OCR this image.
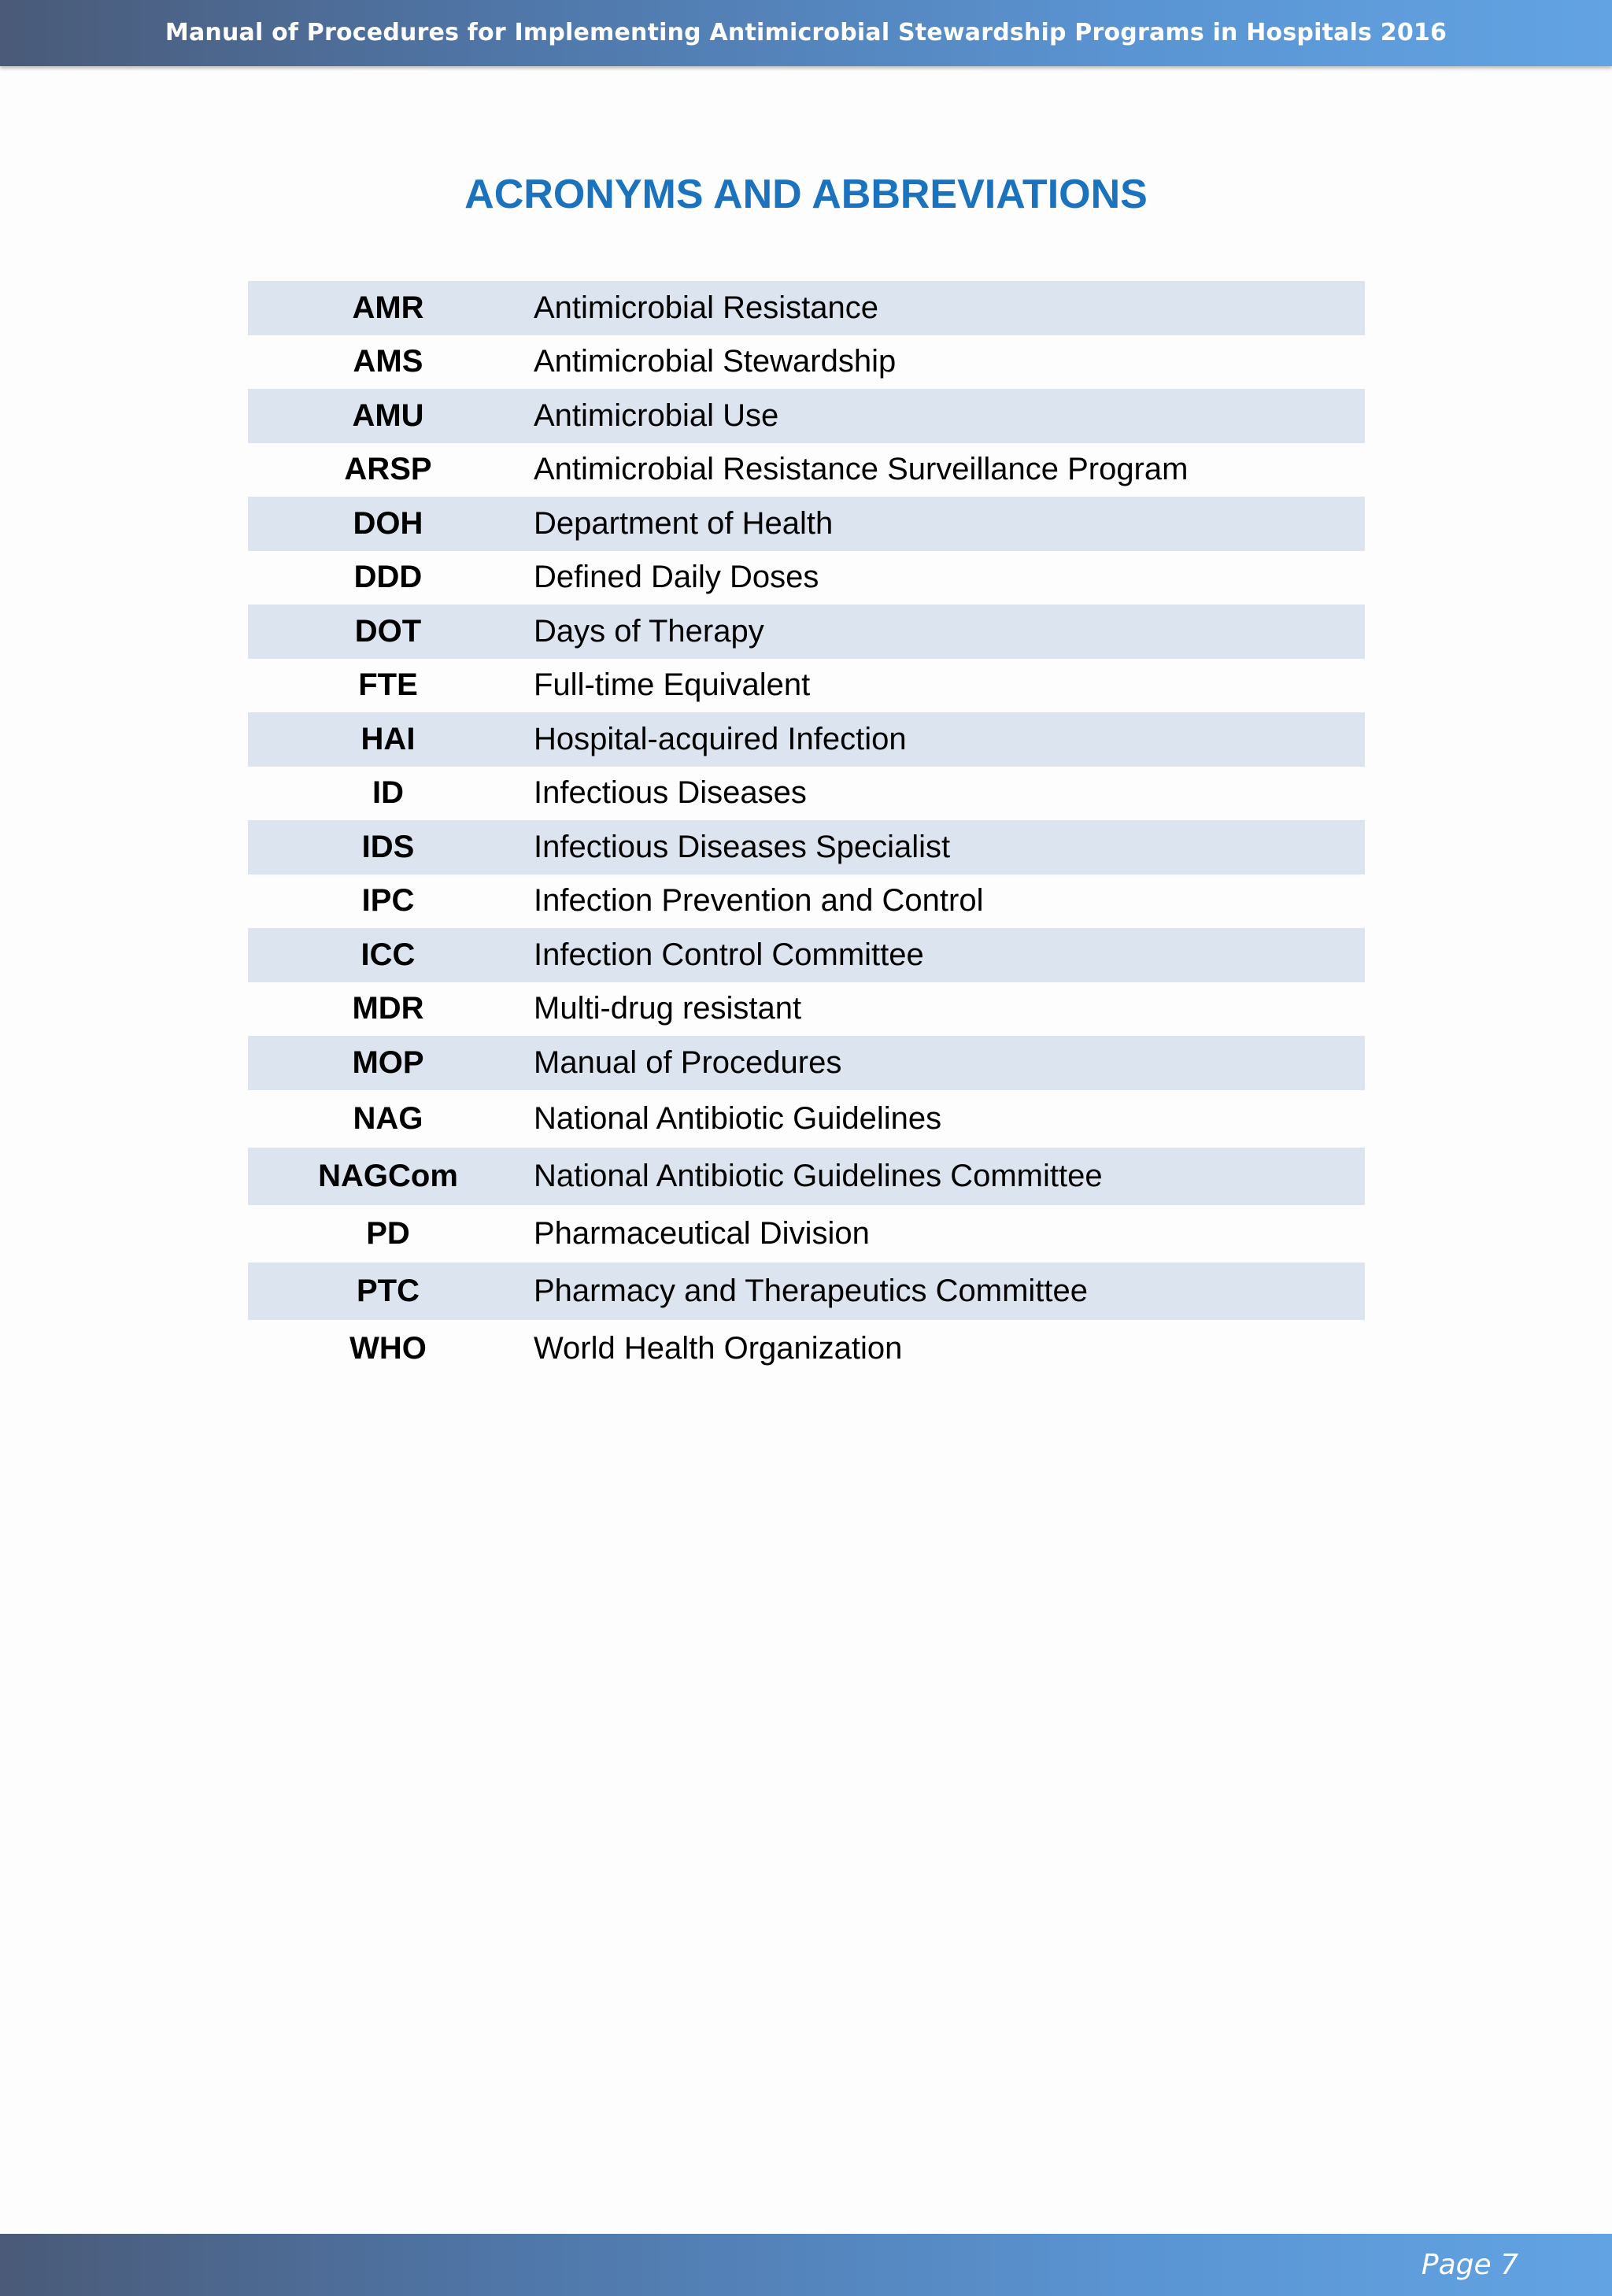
Manual of Procedures for Implementing Antimicrobial Stewardship Programs in Hospitals 2016
ACRONYMS AND ABBREVIATIONS
AMR	Antimicrobial Resistance
AMS	Antimicrobial Stewardship
AMU	Antimicrobial Use
ARSP	Antimicrobial Resistance Surveillance Program
DOH	Department of Health
DDD	Defined Daily Doses
DOT	Days of Therapy
FTE	Full-time Equivalent
HAI	Hospital-acquired Infection
ID	Infectious Diseases
IDS	Infectious Diseases Specialist
IPC	Infection Prevention and Control
ICC	Infection Control Committee
MDR	Multi-drug resistant
MOP	Manual of Procedures
NAG	National Antibiotic Guidelines
NAGCom	National Antibiotic Guidelines Committee
PD	Pharmaceutical Division
PTC	Pharmacy and Therapeutics Committee
WHO	World Health Organization
Page 7
